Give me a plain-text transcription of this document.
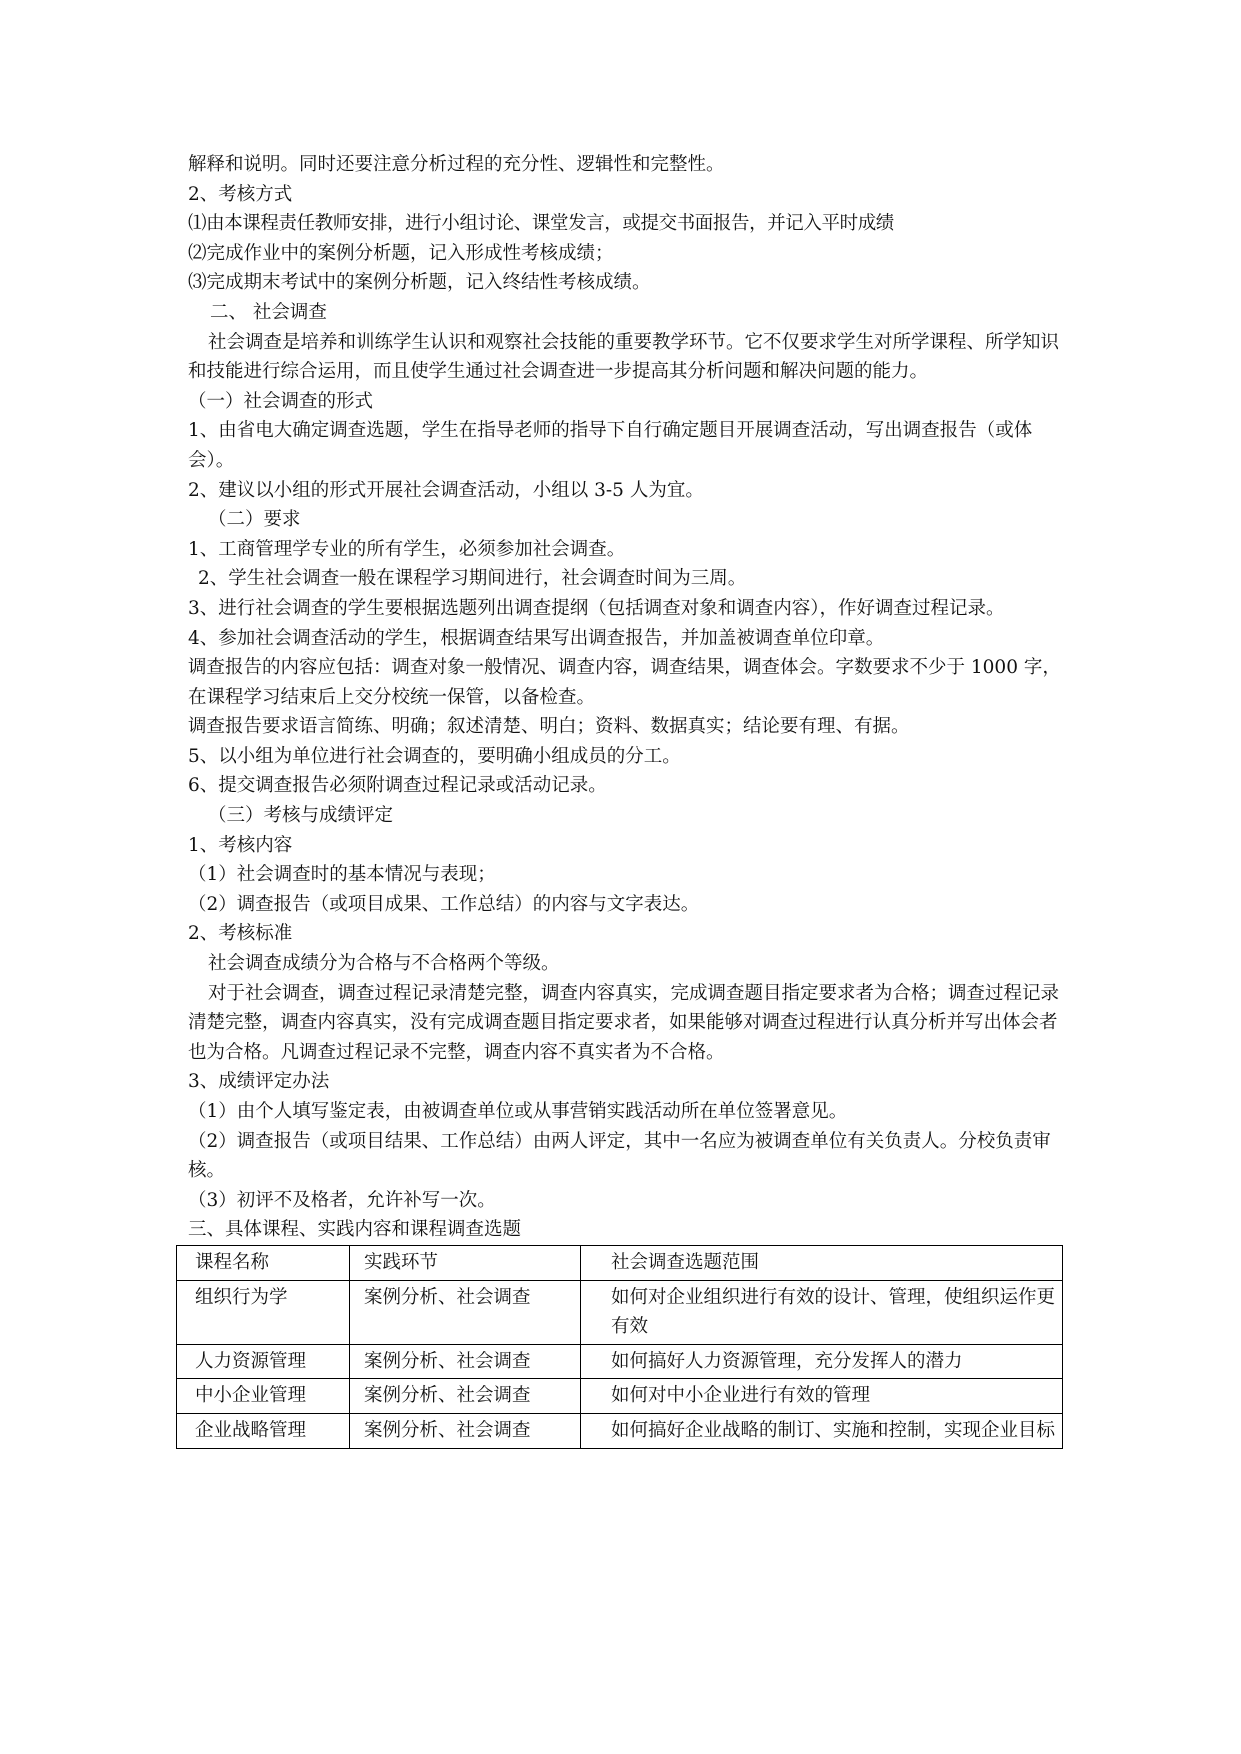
解释和说明。同时还要注意分析过程的充分性、逻辑性和完整性。
2、考核方式
⑴由本课程责任教师安排，进行小组讨论、课堂发言，或提交书面报告，并记入平时成绩
⑵完成作业中的案例分析题，记入形成性考核成绩；
⑶完成期末考试中的案例分析题，记入终结性考核成绩。
二、 社会调查
社会调查是培养和训练学生认识和观察社会技能的重要教学环节。它不仅要求学生对所学课程、所学知识和技能进行综合运用，而且使学生通过社会调查进一步提高其分析问题和解决问题的能力。
（一）社会调查的形式
1、由省电大确定调查选题，学生在指导老师的指导下自行确定题目开展调查活动，写出调查报告（或体会）。
2、建议以小组的形式开展社会调查活动，小组以 3-5 人为宜。
（二）要求
1、工商管理学专业的所有学生，必须参加社会调查。
2、学生社会调查一般在课程学习期间进行，社会调查时间为三周。
3、进行社会调查的学生要根据选题列出调查提纲（包括调查对象和调查内容），作好调查过程记录。
4、参加社会调查活动的学生，根据调查结果写出调查报告，并加盖被调查单位印章。
调查报告的内容应包括：调查对象一般情况、调查内容，调查结果，调查体会。字数要求不少于 1000 字，在课程学习结束后上交分校统一保管，以备检查。
调查报告要求语言简练、明确；叙述清楚、明白；资料、数据真实；结论要有理、有据。
5、以小组为单位进行社会调查的，要明确小组成员的分工。
6、提交调查报告必须附调查过程记录或活动记录。
（三）考核与成绩评定
1、考核内容
（1）社会调查时的基本情况与表现；
（2）调查报告（或项目成果、工作总结）的内容与文字表达。
2、考核标准
社会调查成绩分为合格与不合格两个等级。
对于社会调查，调查过程记录清楚完整，调查内容真实，完成调查题目指定要求者为合格；调查过程记录清楚完整，调查内容真实，没有完成调查题目指定要求者，如果能够对调查过程进行认真分析并写出体会者也为合格。凡调查过程记录不完整，调查内容不真实者为不合格。
3、成绩评定办法
（1）由个人填写鉴定表，由被调查单位或从事营销实践活动所在单位签署意见。
（2）调查报告（或项目结果、工作总结）由两人评定，其中一名应为被调查单位有关负责人。分校负责审核。
（3）初评不及格者，允许补写一次。
三、具体课程、实践内容和课程调查选题
课程名称	实践环节	社会调查选题范围
组织行为学	案例分析、社会调查	如何对企业组织进行有效的设计、管理，使组织运作更有效
人力资源管理	案例分析、社会调查	如何搞好人力资源管理，充分发挥人的潜力
中小企业管理	案例分析、社会调查	如何对中小企业进行有效的管理
企业战略管理	案例分析、社会调查	如何搞好企业战略的制订、实施和控制，实现企业目标
